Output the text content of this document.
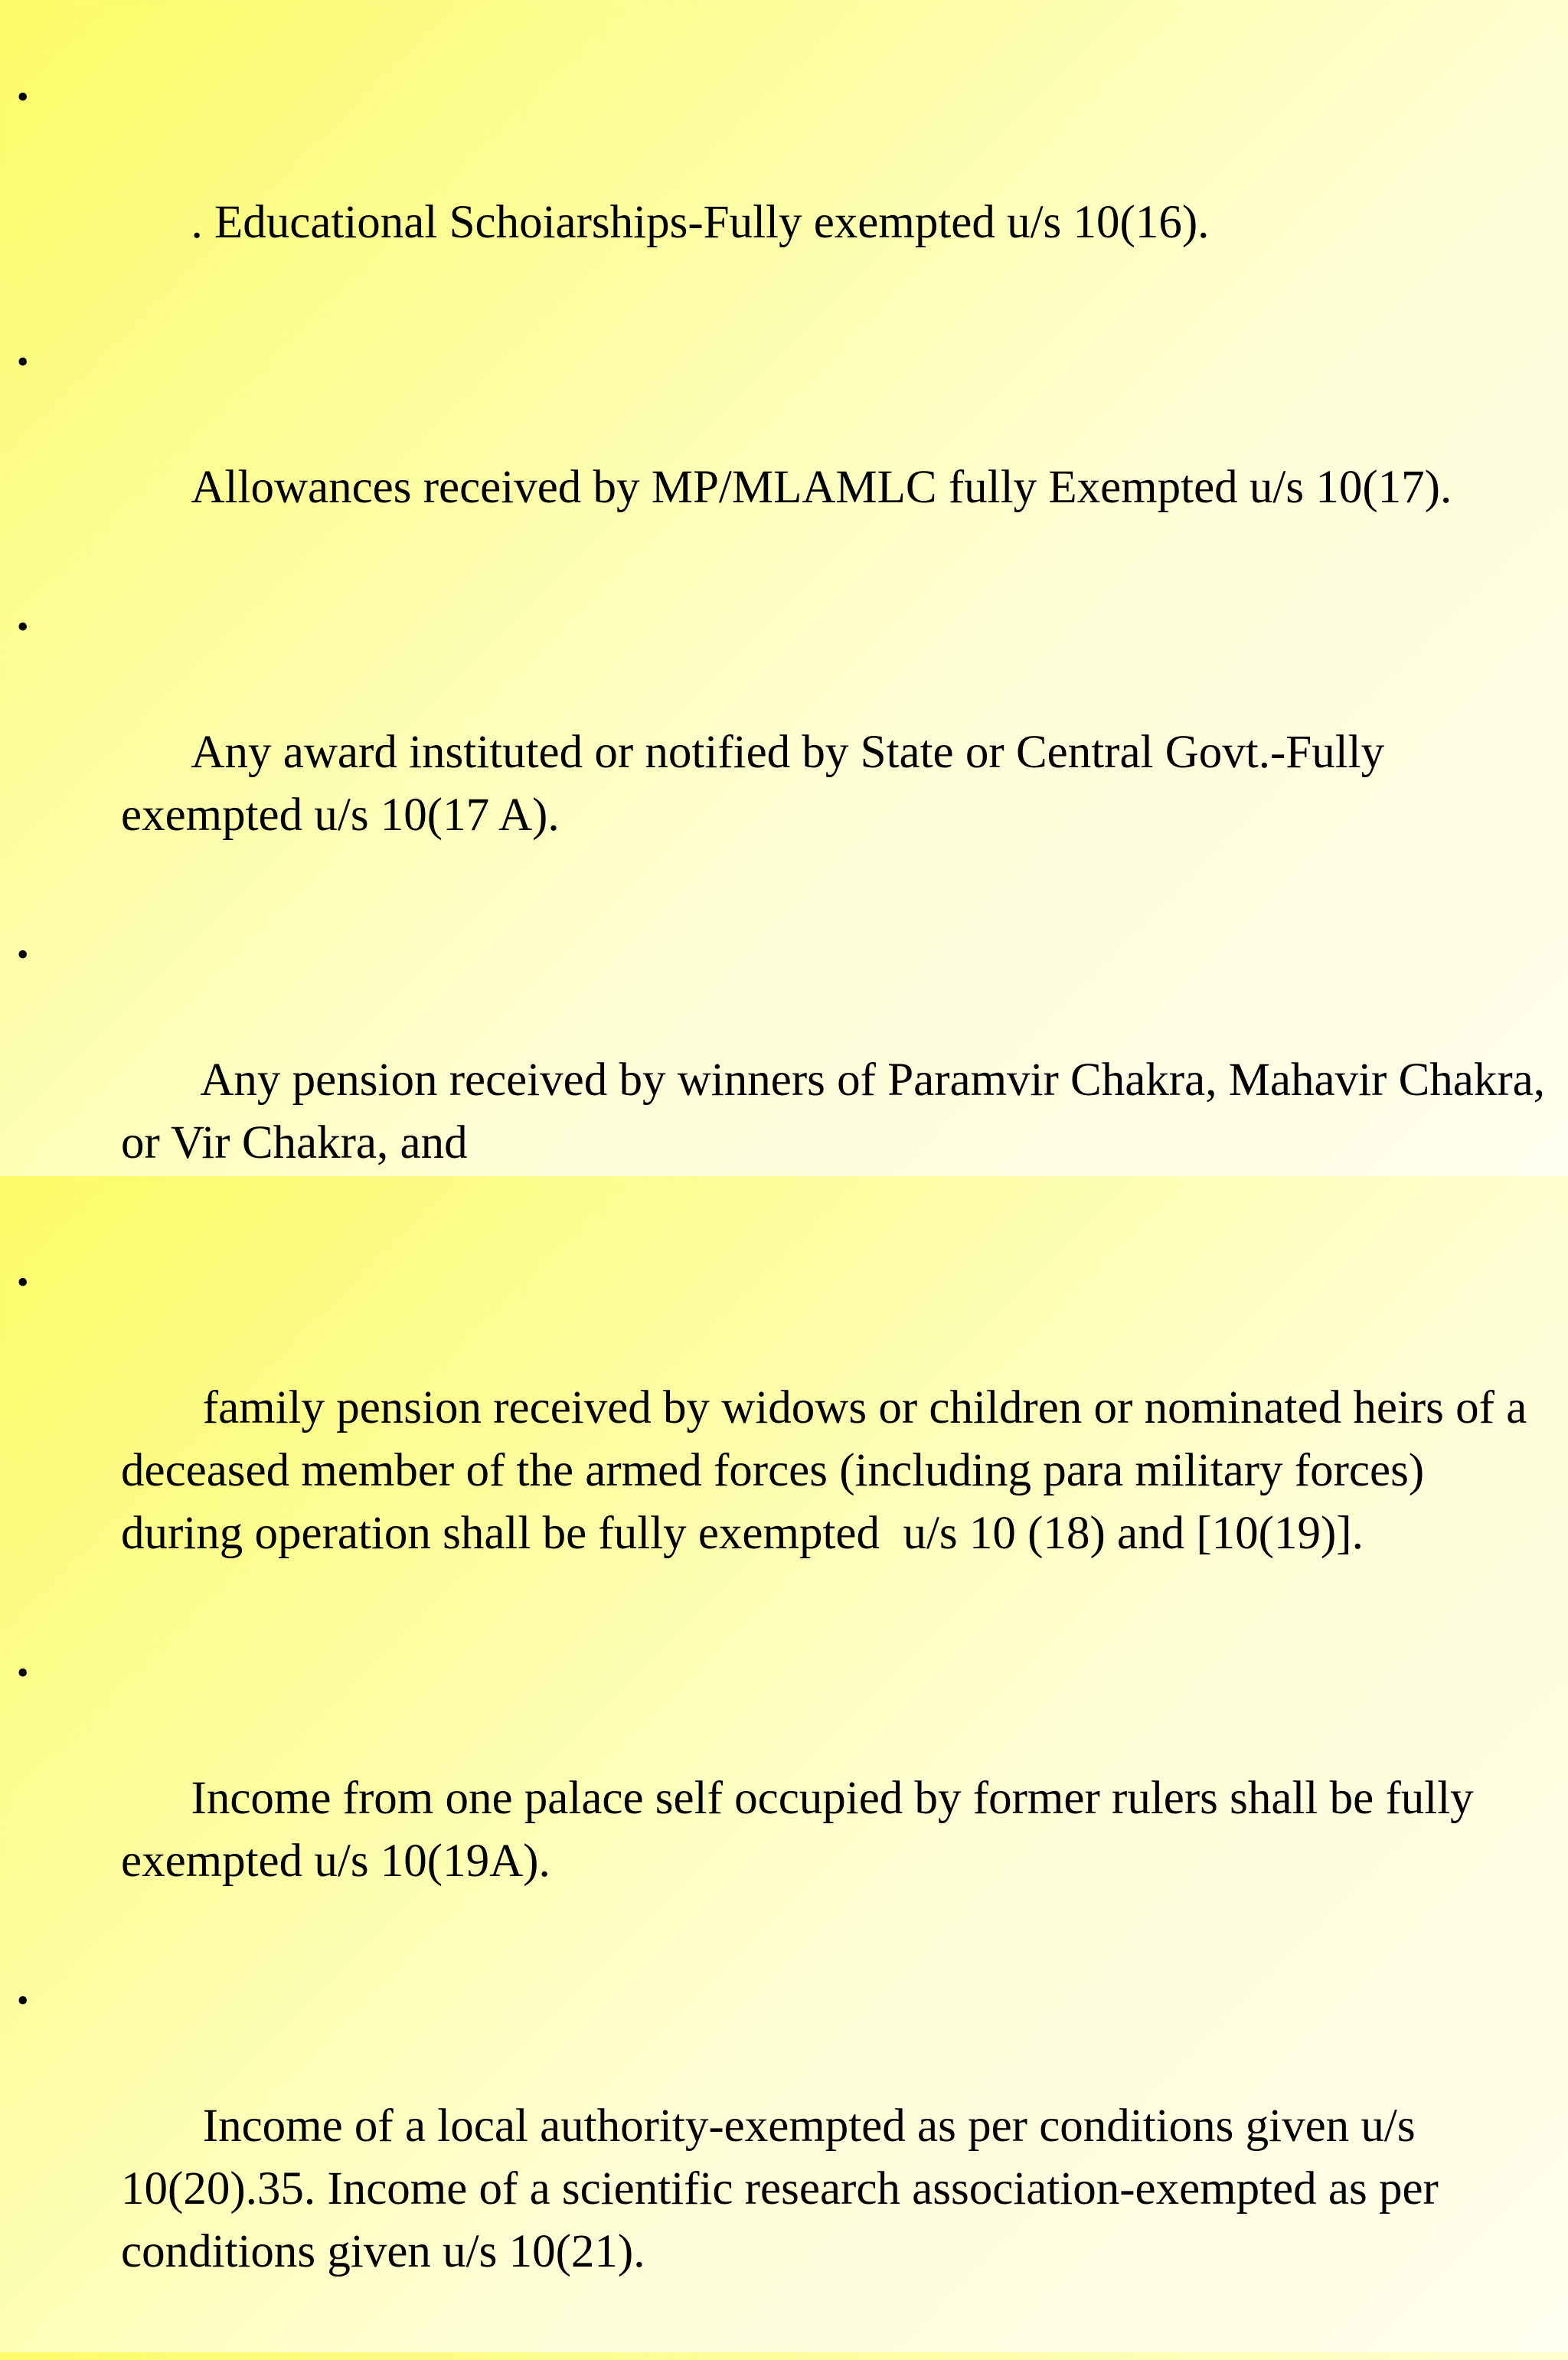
•

. Educational Schoiarships-Fully exempted u/s 10(16).

•

Allowances received by MP/MLAMLC fully Exempted u/s 10(17).

•

Any award instituted or notified by State or Central Govt.-Fully exempted u/s 10(17 A).

•

Any pension received by winners of Paramvir Chakra, Mahavir Chakra, or Vir Chakra, and

•

family pension received by widows or children or nominated heirs of a deceased member of the armed forces (including para military forces) during operation shall be fully exempted  u/s 10 (18) and [10(19)].

•

Income from one palace self occupied by former rulers shall be fully exempted u/s 10(19A).

•

Income of a local authority-exempted as per conditions given u/s 10(20).35. Income of a scientific research association-exempted as per conditions given u/s 10(21).
